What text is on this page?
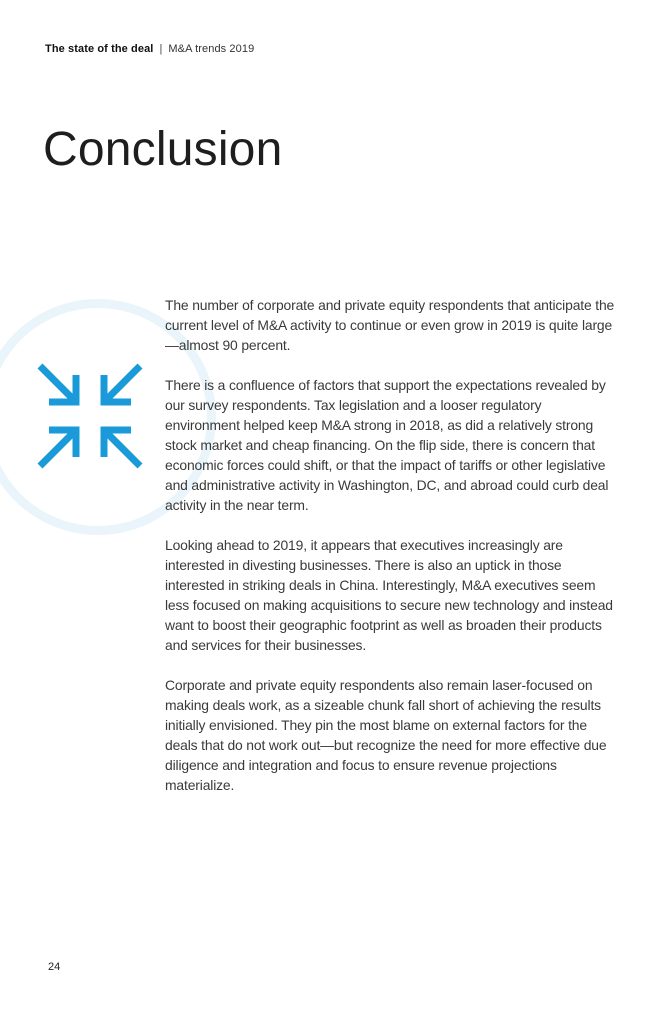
The state of the deal | M&A trends 2019
Conclusion

The number of corporate and private equity respondents that anticipate the current level of M&A activity to continue or even grow in 2019 is quite large—almost 90 percent.

There is a confluence of factors that support the expectations revealed by our survey respondents. Tax legislation and a looser regulatory environment helped keep M&A strong in 2018, as did a relatively strong stock market and cheap financing. On the flip side, there is concern that economic forces could shift, or that the impact of tariffs or other legislative and administrative activity in Washington, DC, and abroad could curb deal activity in the near term.

Looking ahead to 2019, it appears that executives increasingly are interested in divesting businesses. There is also an uptick in those interested in striking deals in China. Interestingly, M&A executives seem less focused on making acquisitions to secure new technology and instead want to boost their geographic footprint as well as broaden their products and services for their businesses.

Corporate and private equity respondents also remain laser-focused on making deals work, as a sizeable chunk fall short of achieving the results initially envisioned. They pin the most blame on external factors for the deals that do not work out—but recognize the need for more effective due diligence and integration and focus to ensure revenue projections materialize.

24
